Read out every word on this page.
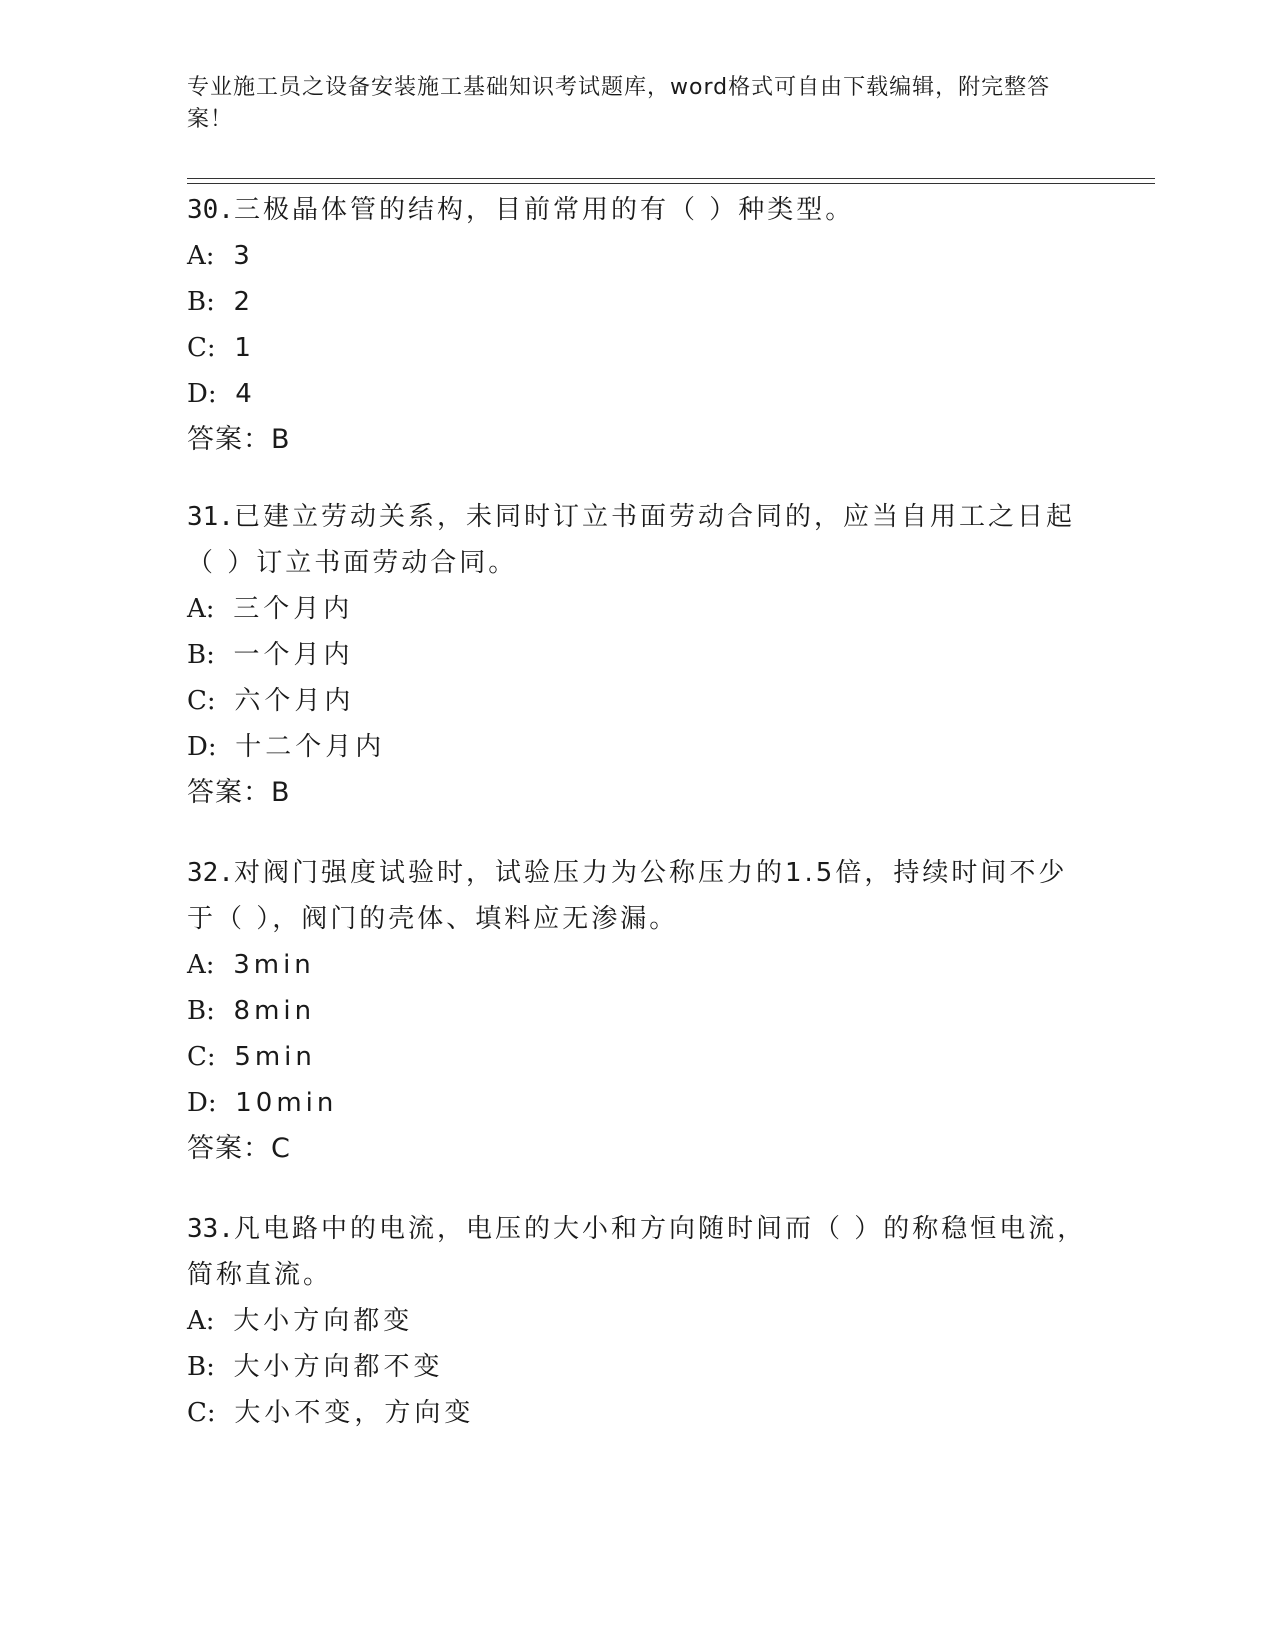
专业施工员之设备安装施工基础知识考试题库，word格式可自由下载编辑，附完整答案！
30.三极晶体管的结构，目前常用的有（ ）种类型。
A: 3
B: 2
C: 1
D: 4
答案：B
31.已建立劳动关系，未同时订立书面劳动合同的，应当自用工之日起（ ）订立书面劳动合同。
A: 三个月内
B: 一个月内
C: 六个月内
D: 十二个月内
答案：B
32.对阀门强度试验时，试验压力为公称压力的1.5倍，持续时间不少于（ ），阀门的壳体、填料应无渗漏。
A: 3min
B: 8min
C: 5min
D: 10min
答案：C
33.凡电路中的电流，电压的大小和方向随时间而（ ）的称稳恒电流，简称直流。
A: 大小方向都变
B: 大小方向都不变
C: 大小不变，方向变
